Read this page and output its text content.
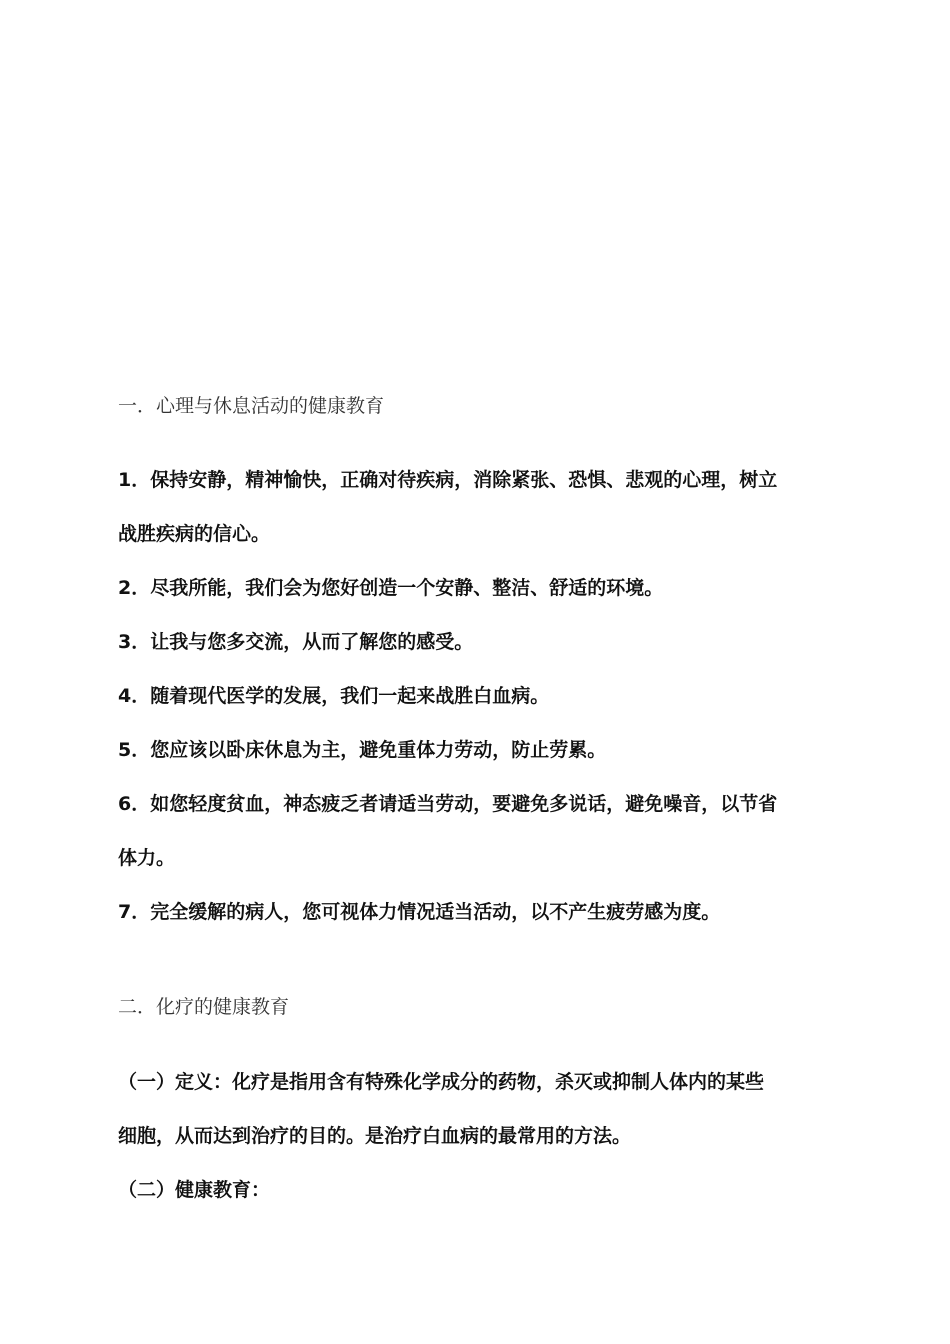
一．心理与休息活动的健康教育
1．保持安静，精神愉快，正确对待疾病，消除紧张、恐惧、悲观的心理，树立
战胜疾病的信心。
2．尽我所能，我们会为您好创造一个安静、整洁、舒适的环境。
3．让我与您多交流，从而了解您的感受。
4．随着现代医学的发展，我们一起来战胜白血病。
5．您应该以卧床休息为主，避免重体力劳动，防止劳累。
6．如您轻度贫血，神态疲乏者请适当劳动，要避免多说话，避免噪音，以节省
体力。
7．完全缓解的病人，您可视体力情况适当活动，以不产生疲劳感为度。
二．化疗的健康教育
（一）定义：化疗是指用含有特殊化学成分的药物，杀灭或抑制人体内的某些
细胞，从而达到治疗的目的。是治疗白血病的最常用的方法。
（二）健康教育：
